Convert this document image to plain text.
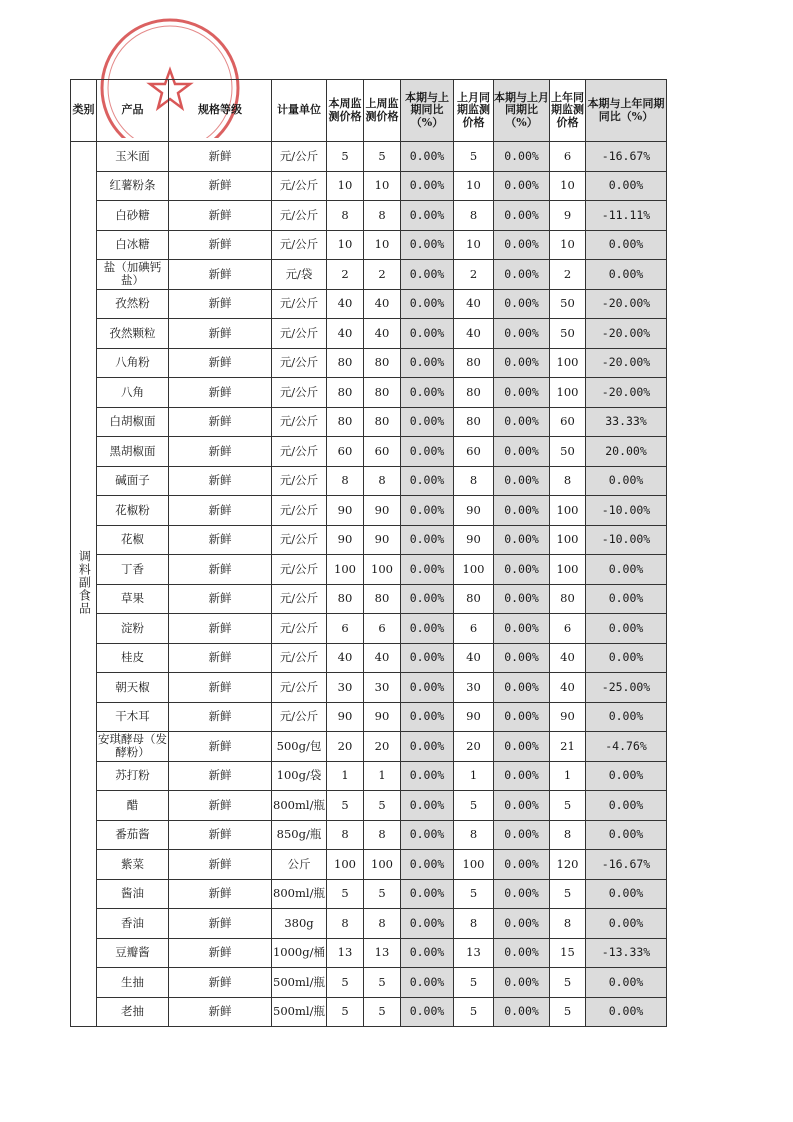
类别	产品	规格等级	计量单位	本周监测价格	上周监测价格	本期与上期同比（%）	上月同期监测价格	本期与上月同期比（%）	上年同期监测价格	本期与上年同期同比（%）
调料副食品	玉米面	新鲜	元/公斤	5	5	0.00%	5	0.00%	6	-16.67%
	红薯粉条	新鲜	元/公斤	10	10	0.00%	10	0.00%	10	0.00%
	白砂糖	新鲜	元/公斤	8	8	0.00%	8	0.00%	9	-11.11%
	白冰糖	新鲜	元/公斤	10	10	0.00%	10	0.00%	10	0.00%
	盐（加碘钙盐）	新鲜	元/袋	2	2	0.00%	2	0.00%	2	0.00%
	孜然粉	新鲜	元/公斤	40	40	0.00%	40	0.00%	50	-20.00%
	孜然颗粒	新鲜	元/公斤	40	40	0.00%	40	0.00%	50	-20.00%
	八角粉	新鲜	元/公斤	80	80	0.00%	80	0.00%	100	-20.00%
	八角	新鲜	元/公斤	80	80	0.00%	80	0.00%	100	-20.00%
	白胡椒面	新鲜	元/公斤	80	80	0.00%	80	0.00%	60	33.33%
	黑胡椒面	新鲜	元/公斤	60	60	0.00%	60	0.00%	50	20.00%
	碱面子	新鲜	元/公斤	8	8	0.00%	8	0.00%	8	0.00%
	花椒粉	新鲜	元/公斤	90	90	0.00%	90	0.00%	100	-10.00%
	花椒	新鲜	元/公斤	90	90	0.00%	90	0.00%	100	-10.00%
	丁香	新鲜	元/公斤	100	100	0.00%	100	0.00%	100	0.00%
	草果	新鲜	元/公斤	80	80	0.00%	80	0.00%	80	0.00%
	淀粉	新鲜	元/公斤	6	6	0.00%	6	0.00%	6	0.00%
	桂皮	新鲜	元/公斤	40	40	0.00%	40	0.00%	40	0.00%
	朝天椒	新鲜	元/公斤	30	30	0.00%	30	0.00%	40	-25.00%
	干木耳	新鲜	元/公斤	90	90	0.00%	90	0.00%	90	0.00%
	安琪酵母（发酵粉）	新鲜	500g/包	20	20	0.00%	20	0.00%	21	-4.76%
	苏打粉	新鲜	100g/袋	1	1	0.00%	1	0.00%	1	0.00%
	醋	新鲜	800ml/瓶	5	5	0.00%	5	0.00%	5	0.00%
	番茄酱	新鲜	850g/瓶	8	8	0.00%	8	0.00%	8	0.00%
	紫菜	新鲜	公斤	100	100	0.00%	100	0.00%	120	-16.67%
	酱油	新鲜	800ml/瓶	5	5	0.00%	5	0.00%	5	0.00%
	香油	新鲜	380g	8	8	0.00%	8	0.00%	8	0.00%
	豆瓣酱	新鲜	1000g/桶	13	13	0.00%	13	0.00%	15	-13.33%
	生抽	新鲜	500ml/瓶	5	5	0.00%	5	0.00%	5	0.00%
	老抽	新鲜	500ml/瓶	5	5	0.00%	5	0.00%	5	0.00%
